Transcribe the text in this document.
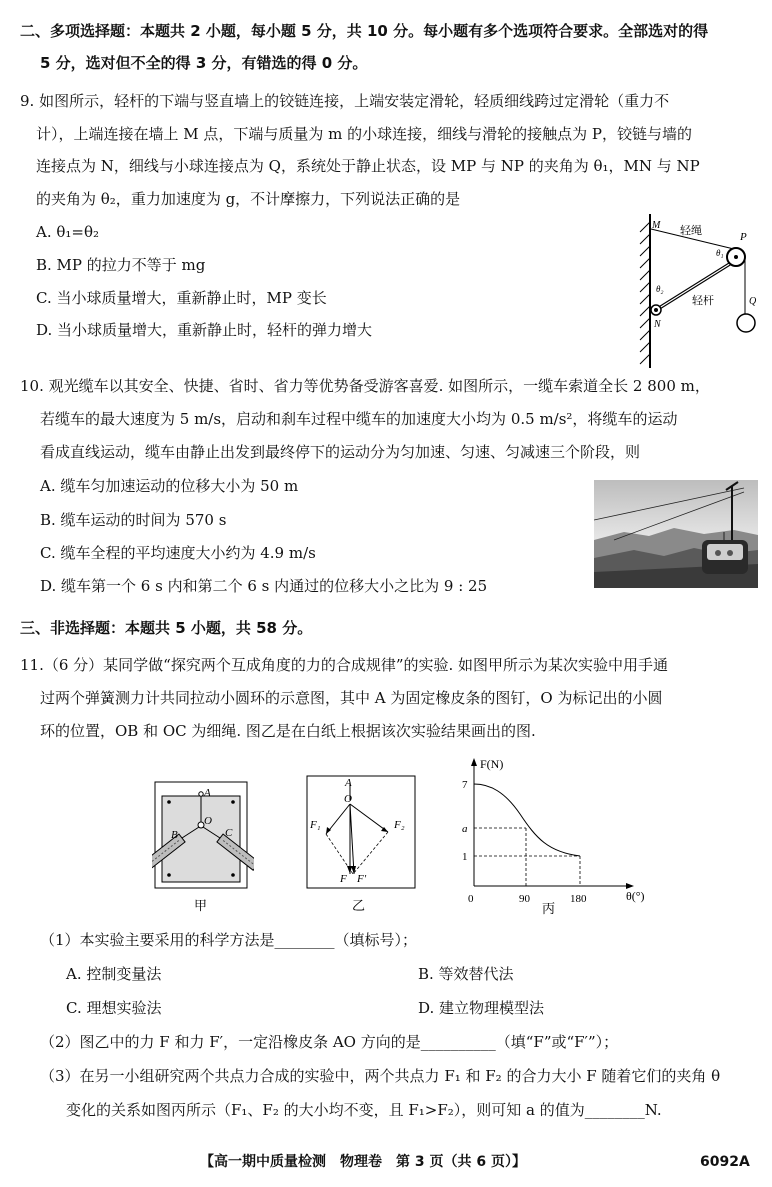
二、多项选择题：本题共 2 小题，每小题 5 分，共 10 分。每小题有多个选项符合要求。全部选对的得
5 分，选对但不全的得 3 分，有错选的得 0 分。
9. 如图所示，轻杆的下端与竖直墙上的铰链连接，上端安装定滑轮，轻质细线跨过定滑轮（重力不
计），上端连接在墙上 M 点，下端与质量为 m 的小球连接，细线与滑轮的接触点为 P，铰链与墙的
连接点为 N，细线与小球连接点为 Q，系统处于静止状态，设 MP 与 NP 的夹角为 θ₁，MN 与 NP
的夹角为 θ₂，重力加速度为 g，不计摩擦力，下列说法正确的是
A. θ₁=θ₂
B. MP 的拉力不等于 mg
C. 当小球质量增大，重新静止时，MP 变长
D. 当小球质量增大，重新静止时，轻杆的弹力增大
M
P
N
Q
轻绳
轻杆
θ₁
θ₂
10. 观光缆车以其安全、快捷、省时、省力等优势备受游客喜爱. 如图所示，一缆车索道全长 2 800 m，
若缆车的最大速度为 5 m/s，启动和刹车过程中缆车的加速度大小均为 0.5 m/s²，将缆车的运动
看成直线运动，缆车由静止出发到最终停下的运动分为匀加速、匀速、匀减速三个阶段，则
A. 缆车匀加速运动的位移大小为 50 m
B. 缆车运动的时间为 570 s
C. 缆车全程的平均速度大小约为 4.9 m/s
D. 缆车第一个 6 s 内和第二个 6 s 内通过的位移大小之比为 9 : 25
三、非选择题：本题共 5 小题，共 58 分。
11.（6 分）某同学做“探究两个互成角度的力的合成规律”的实验. 如图甲所示为某次实验中用手通
过两个弹簧测力计共同拉动小圆环的示意图，其中 A 为固定橡皮条的图钉，O 为标记出的小圆
环的位置，OB 和 OC 为细绳. 图乙是在白纸上根据该次实验结果画出的图.
A
O
B	C
甲
A
O
F₁	F₂
F F′
乙
F(N)
7
a
1
0	90	180	θ(°)
丙
（1）本实验主要采用的科学方法是________（填标号）；
A. 控制变量法	B. 等效替代法
C. 理想实验法	D. 建立物理模型法
（2）图乙中的力 F 和力 F′，一定沿橡皮条 AO 方向的是__________（填“F”或“F′”）；
（3）在另一小组研究两个共点力合成的实验中，两个共点力 F₁ 和 F₂ 的合力大小 F 随着它们的夹角 θ
变化的关系如图丙所示（F₁、F₂ 的大小均不变，且 F₁>F₂），则可知 a 的值为________N.
【高一期中质量检测　物理卷　第 3 页（共 6 页）】	6092A
